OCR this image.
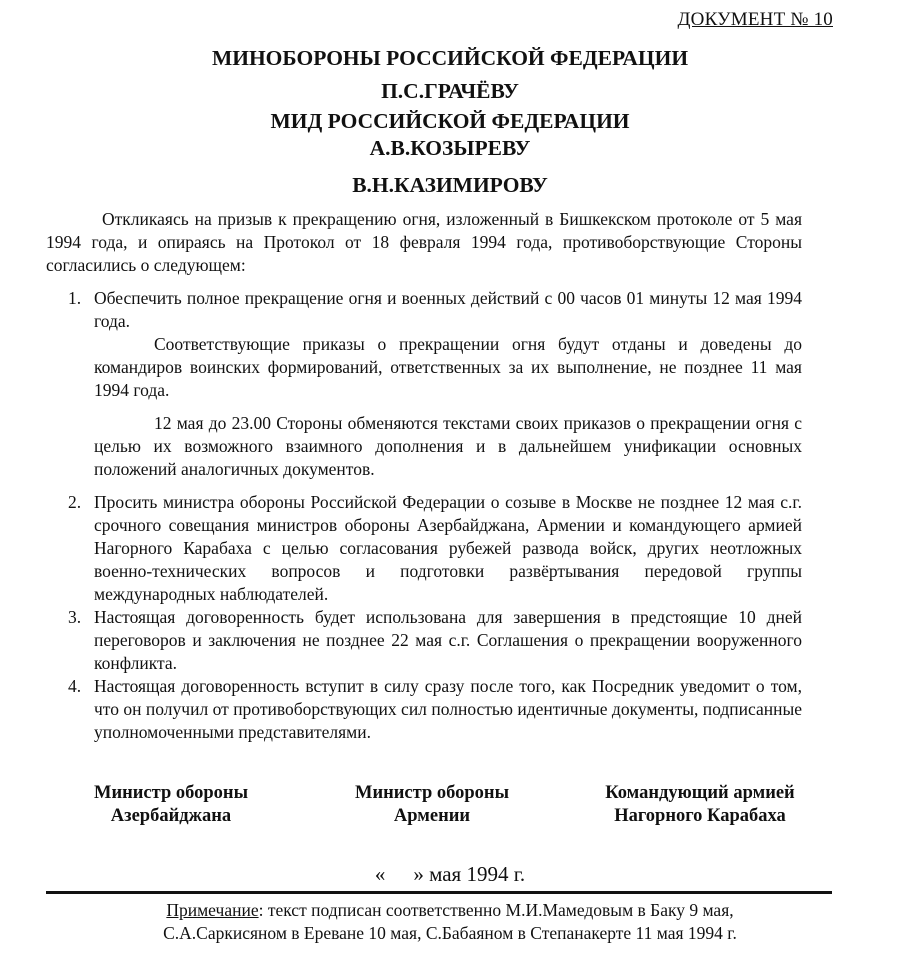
ДОКУМЕНТ № 10
МИНОБОРОНЫ РОССИЙСКОЙ ФЕДЕРАЦИИ
П.С.ГРАЧЁВУ
МИД РОССИЙСКОЙ ФЕДЕРАЦИИ
А.В.КОЗЫРЕВУ
В.Н.КАЗИМИРОВУ

Откликаясь на призыв к прекращению огня, изложенный в Бишкекском протоколе от 5 мая 1994 года, и опираясь на Протокол от 18 февраля 1994 года, противоборствующие Стороны согласились о следующем:

1. Обеспечить полное прекращение огня и военных действий с 00 часов 01 минуты 12 мая 1994 года.

Соответствующие приказы о прекращении огня будут отданы и доведены до командиров воинских формирований, ответственных за их выполнение, не позднее 11 мая 1994 года.

12 мая до 23.00 Стороны обменяются текстами своих приказов о прекращении огня с целью их возможного взаимного дополнения и в дальнейшем унификации основных положений аналогичных документов.

2. Просить министра обороны Российской Федерации о созыве в Москве не позднее 12 мая с.г. срочного совещания министров обороны Азербайджана, Армении и командующего армией Нагорного Карабаха с целью согласования рубежей развода войск, других неотложных военно-технических вопросов и подготовки развёртывания передовой группы международных наблюдателей.
3. Настоящая договоренность будет использована для завершения в предстоящие 10 дней переговоров и заключения не позднее 22 мая с.г. Соглашения о прекращении вооруженного конфликта.
4. Настоящая договоренность вступит в силу сразу после того, как Посредник уведомит о том, что он получил от противоборствующих сил полностью идентичные документы, подписанные уполномоченными представителями.
Министр обороны
Азербайджана
Министр обороны
Армении
Командующий армией
Нагорного Карабаха
« » мая 1994 г.

Примечание: текст подписан соответственно М.И.Мамедовым в Баку 9 мая,
С.А.Саркисяном в Ереване 10 мая, С.Бабаяном в Степанакерте 11 мая 1994 г.
